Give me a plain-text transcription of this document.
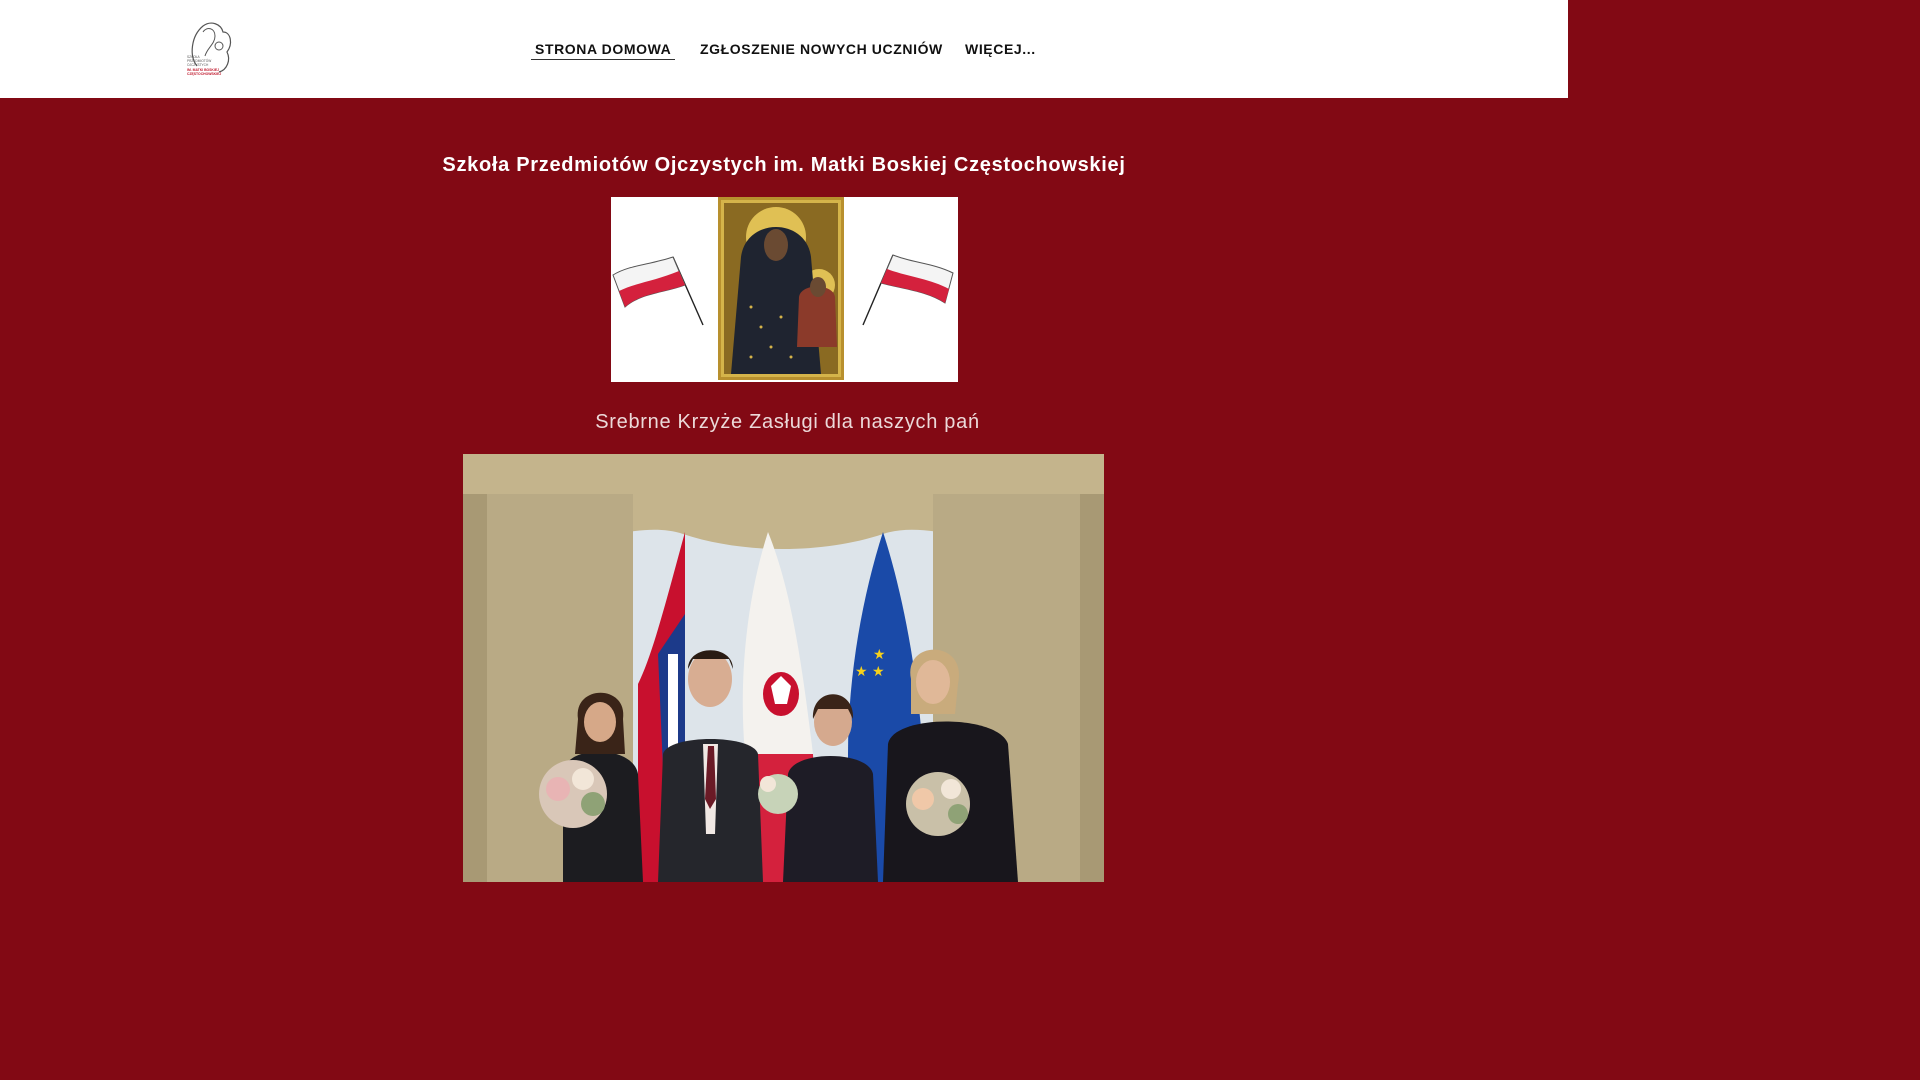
SZKOŁA
PRZEDMIOTÓW
OJCZYSTYCH
IM. MATKI BOSKIEJ
CZĘSTOCHOWSKIEJ
STRONA DOMOWA ZGŁOSZENIE NOWYCH UCZNIÓW WIĘCEJ...
Szkoła Przedmiotów Ojczystych im. Matki Boskiej Częstochowskiej
Srebrne Krzyże Zasługi dla naszych pań
★ ★
★
